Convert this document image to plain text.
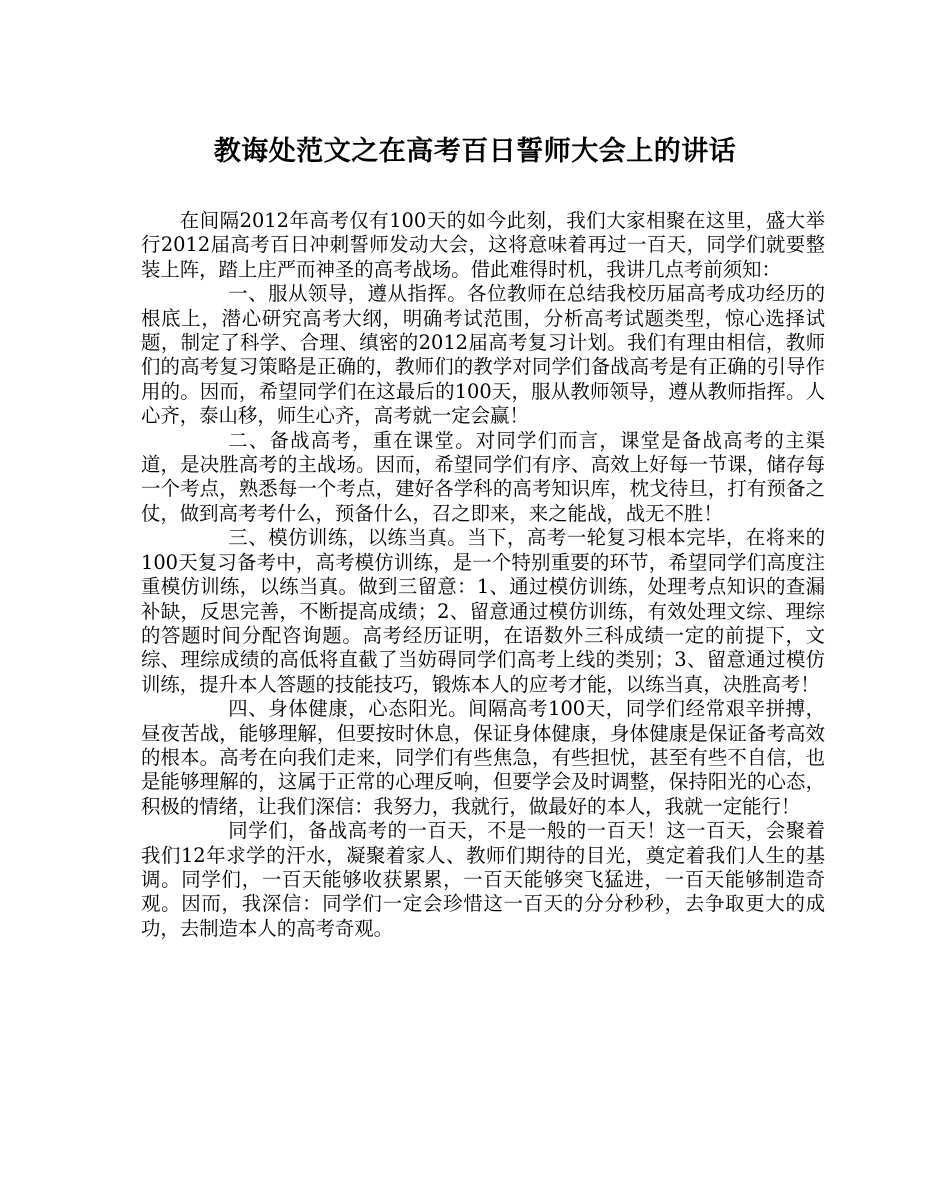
教诲处范文之在高考百日誓师大会上的讲话

在间隔2012年高考仅有100天的如今此刻，我们大家相聚在这里，盛大举行2012届高考百日冲刺誓师发动大会，这将意味着再过一百天，同学们就要整装上阵，踏上庄严而神圣的高考战场。借此难得时机，我讲几点考前须知：

一、服从领导，遵从指挥。各位教师在总结我校历届高考成功经历的根底上，潜心研究高考大纲，明确考试范围，分析高考试题类型，惊心选择试题，制定了科学、合理、缜密的2012届高考复习计划。我们有理由相信，教师们的高考复习策略是正确的，教师们的教学对同学们备战高考是有正确的引导作用的。因而，希望同学们在这最后的100天，服从教师领导，遵从教师指挥。人心齐，泰山移，师生心齐，高考就一定会赢！

二、备战高考，重在课堂。对同学们而言，课堂是备战高考的主渠道，是决胜高考的主战场。因而，希望同学们有序、高效上好每一节课，储存每一个考点，熟悉每一个考点，建好各学科的高考知识库，枕戈待旦，打有预备之仗，做到高考考什么，预备什么，召之即来，来之能战，战无不胜！

三、模仿训练，以练当真。当下，高考一轮复习根本完毕，在将来的100天复习备考中，高考模仿训练，是一个特别重要的环节，希望同学们高度注重模仿训练，以练当真。做到三留意：1、通过模仿训练，处理考点知识的查漏补缺，反思完善，不断提高成绩；2、留意通过模仿训练，有效处理文综、理综的答题时间分配咨询题。高考经历证明，在语数外三科成绩一定的前提下，文综、理综成绩的高低将直截了当妨碍同学们高考上线的类别；3、留意通过模仿训练，提升本人答题的技能技巧，锻炼本人的应考才能，以练当真，决胜高考！

四、身体健康，心态阳光。间隔高考100天，同学们经常艰辛拼搏，昼夜苦战，能够理解，但要按时休息，保证身体健康，身体健康是保证备考高效的根本。高考在向我们走来，同学们有些焦急，有些担忧，甚至有些不自信，也是能够理解的，这属于正常的心理反响，但要学会及时调整，保持阳光的心态，积极的情绪，让我们深信：我努力，我就行，做最好的本人，我就一定能行！

同学们，备战高考的一百天，不是一般的一百天！这一百天，会聚着我们12年求学的汗水，凝聚着家人、教师们期待的目光，奠定着我们人生的基调。同学们，一百天能够收获累累，一百天能够突飞猛进，一百天能够制造奇观。因而，我深信：同学们一定会珍惜这一百天的分分秒秒，去争取更大的成功，去制造本人的高考奇观。
